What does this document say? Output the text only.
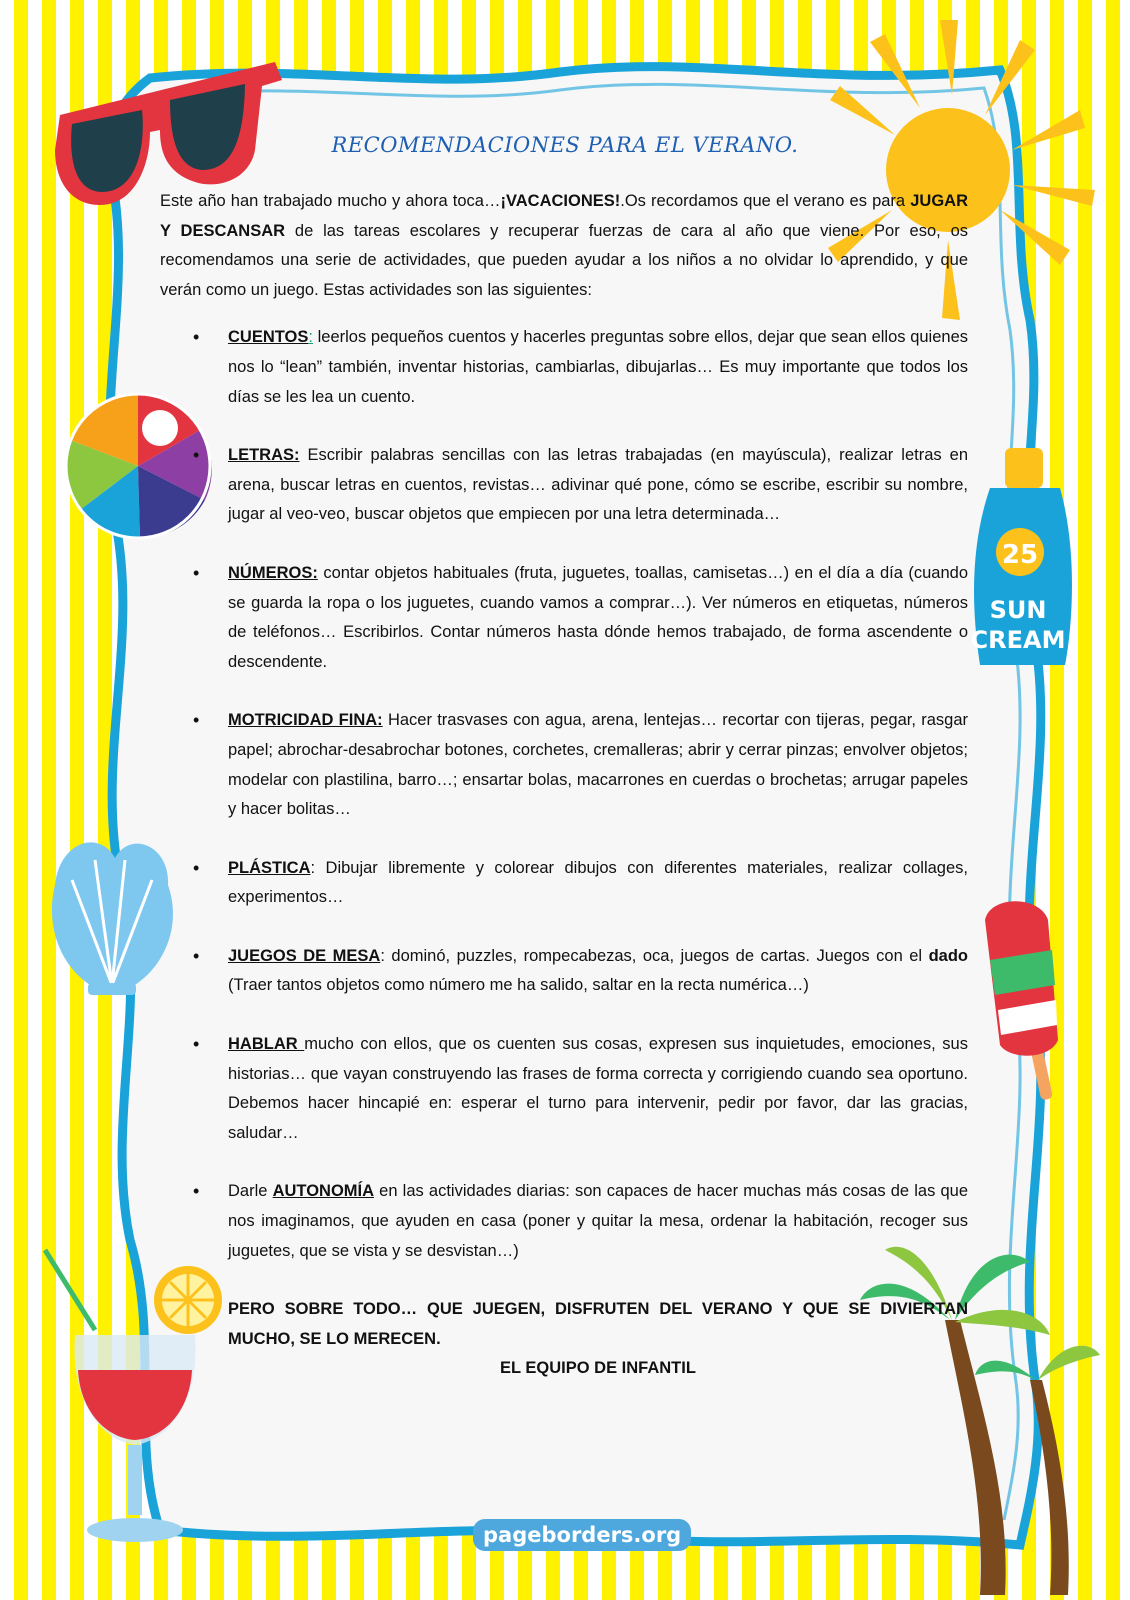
25
SUN
CREAM
RECOMENDACIONES PARA EL VERANO.

Este año han trabajado mucho y ahora toca…¡VACACIONES!.Os recordamos que el verano es para JUGAR Y DESCANSAR de las tareas escolares y recuperar fuerzas de cara al año que viene. Por eso, os recomendamos una serie de actividades, que pueden ayudar a los niños a no olvidar lo aprendido, y que verán como un juego. Estas actividades son las siguientes:

• CUENTOS: leerlos pequeños cuentos y hacerles preguntas sobre ellos, dejar que sean ellos quienes nos lo “lean” también, inventar historias, cambiarlas, dibujarlas… Es muy importante que todos los días se les lea un cuento.
• LETRAS: Escribir palabras sencillas con las letras trabajadas (en mayúscula), realizar letras en arena, buscar letras en cuentos, revistas… adivinar qué pone, cómo se escribe, escribir su nombre, jugar al veo-veo, buscar objetos que empiecen por una letra determinada…
• NÚMEROS: contar objetos habituales (fruta, juguetes, toallas, camisetas…) en el día a día (cuando se guarda la ropa o los juguetes, cuando vamos a comprar…). Ver números en etiquetas, números de teléfonos… Escribirlos. Contar números hasta dónde hemos trabajado, de forma ascendente o descendente.
• MOTRICIDAD FINA: Hacer trasvases con agua, arena, lentejas… recortar con tijeras, pegar, rasgar papel; abrochar-desabrochar botones, corchetes, cremalleras; abrir y cerrar pinzas; envolver objetos; modelar con plastilina, barro…; ensartar bolas, macarrones en cuerdas o brochetas; arrugar papeles y hacer bolitas…
• PLÁSTICA: Dibujar libremente y colorear dibujos con diferentes materiales, realizar collages, experimentos…
• JUEGOS DE MESA: dominó, puzzles, rompecabezas, oca, juegos de cartas. Juegos con el dado (Traer tantos objetos como número me ha salido, saltar en la recta numérica…)
• HABLAR mucho con ellos, que os cuenten sus cosas, expresen sus inquietudes, emociones, sus historias… que vayan construyendo las frases de forma correcta y corrigiendo cuando sea oportuno. Debemos hacer hincapié en: esperar el turno para intervenir, pedir por favor, dar las gracias, saludar…
• Darle AUTONOMÍA en las actividades diarias: son capaces de hacer muchas más cosas de las que nos imaginamos, que ayuden en casa (poner y quitar la mesa, ordenar la habitación, recoger sus juguetes, que se vista y se desvistan…)

PERO SOBRE TODO… QUE JUEGEN, DISFRUTEN DEL VERANO Y QUE SE DIVIERTAN MUCHO, SE LO MERECEN.

EL EQUIPO DE INFANTIL

pageborders.org
